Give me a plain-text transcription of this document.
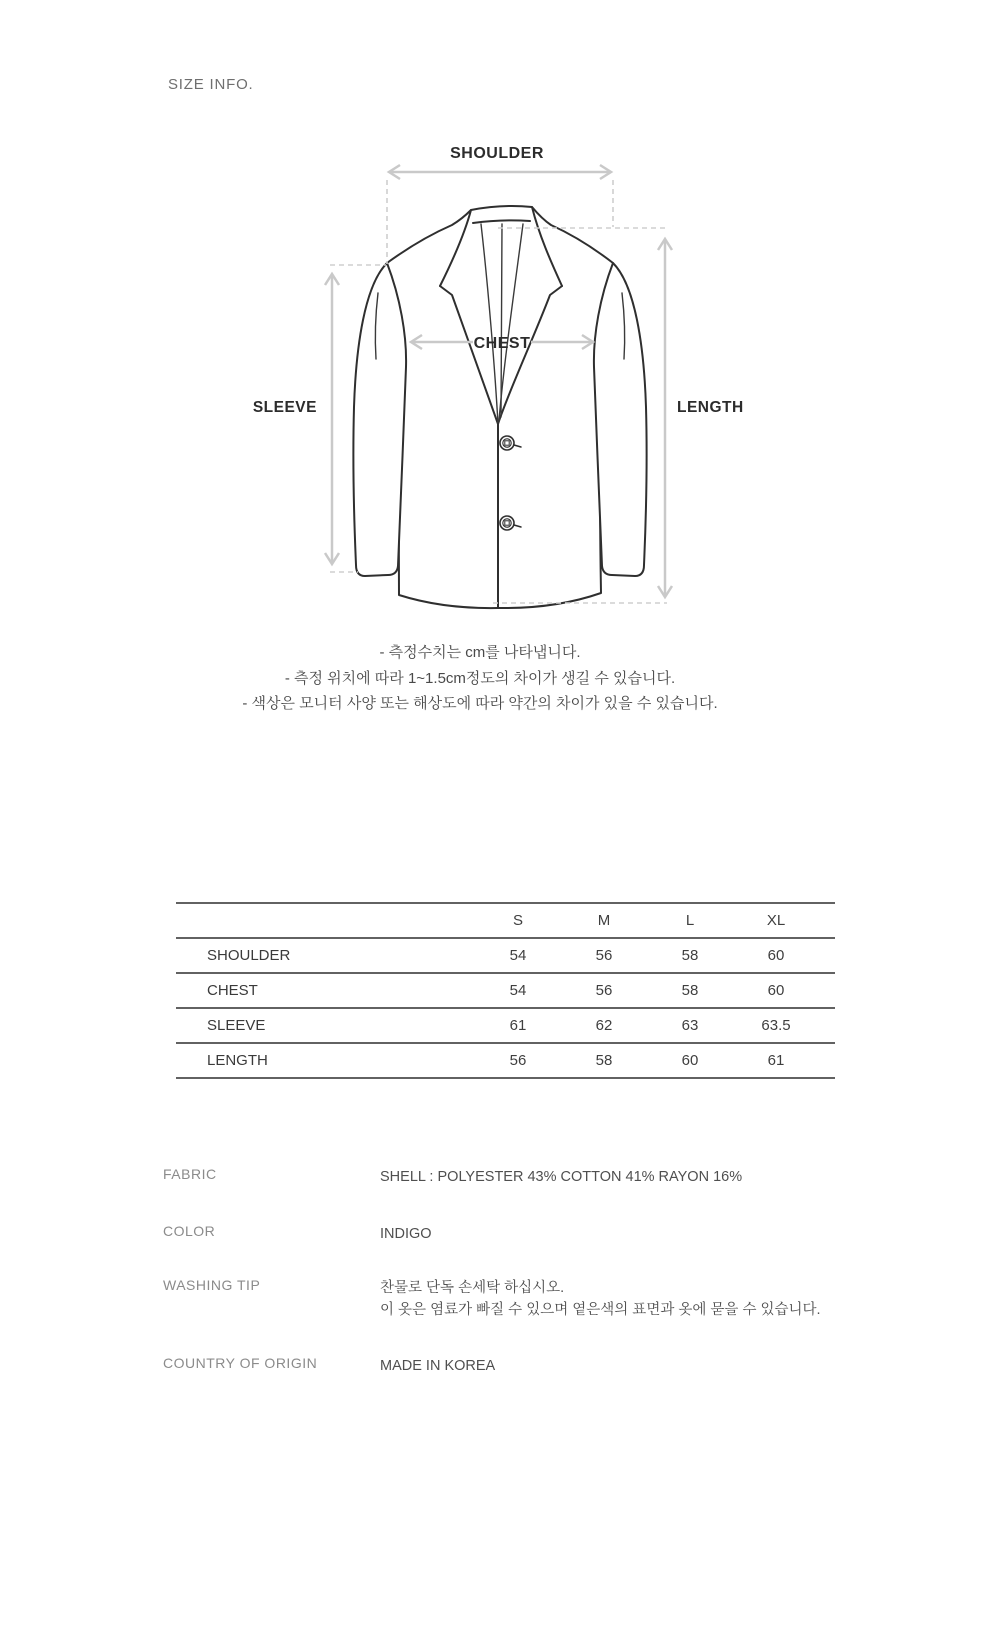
SIZE INFO.
SHOULDER
CHEST
SLEEVE	LENGTH
- 측정수치는 cm를 나타냅니다.
- 측정 위치에 따라 1~1.5cm정도의 차이가 생길 수 있습니다.
- 색상은 모니터 사양 또는 해상도에 따라 약간의 차이가 있을 수 있습니다.
S	M	L	XL
SHOULDER	54	56	58	60
CHEST	54	56	58	60
SLEEVE	61	62	63	63.5
LENGTH	56	58	60	61
FABRIC	SHELL : POLYESTER 43% COTTON 41% RAYON 16%
COLOR	INDIGO
WASHING TIP	찬물로 단독 손세탁 하십시오.
이 옷은 염료가 빠질 수 있으며 옅은색의 표면과 옷에 묻을 수 있습니다.
COUNTRY OF ORIGIN	MADE IN KOREA
